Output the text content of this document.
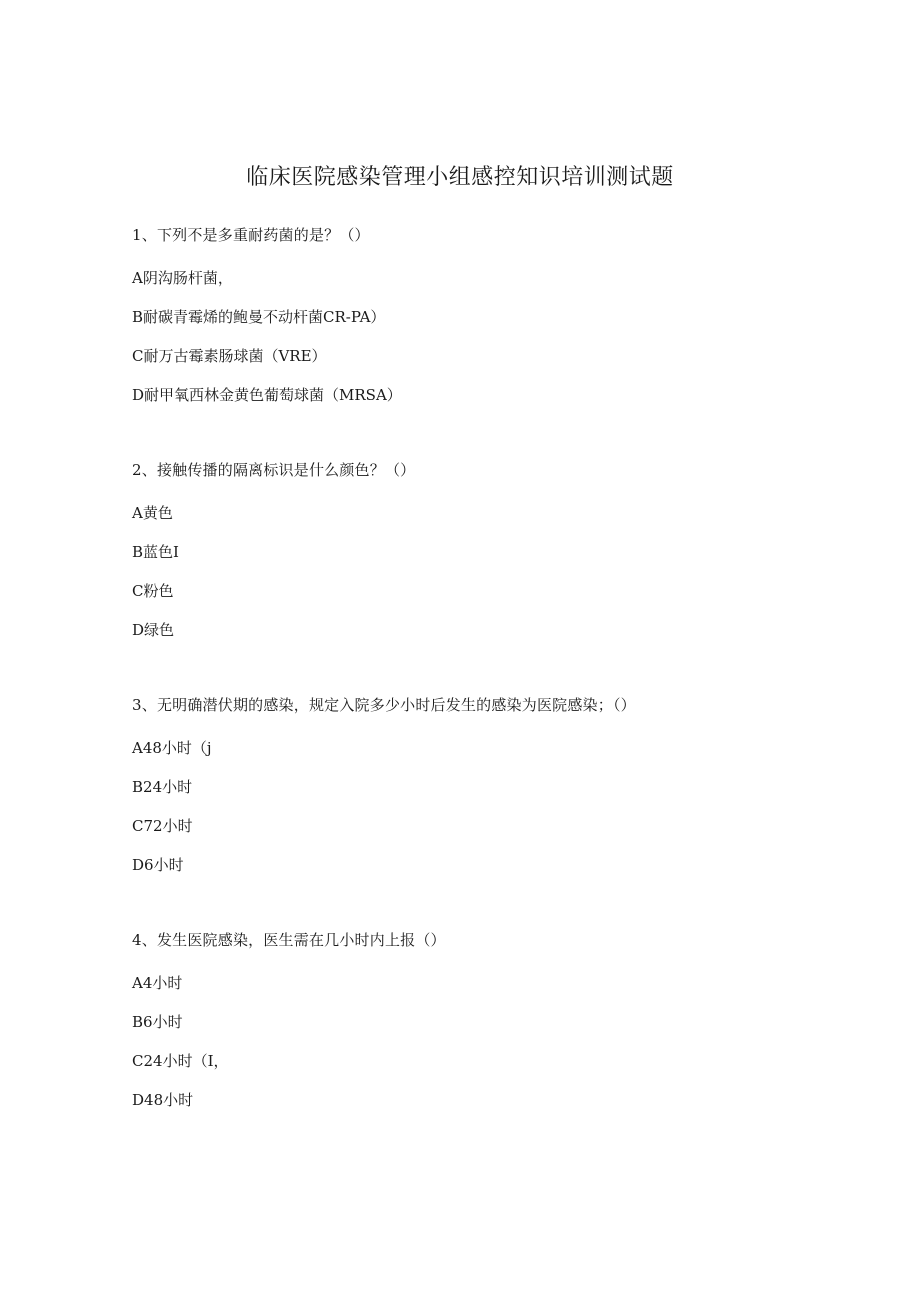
临床医院感染管理小组感控知识培训测试题
1、下列不是多重耐药菌的是？（）
A阴沟肠杆菌，
B耐碳青霉烯的鲍曼不动杆菌CR-PA）
C耐万古霉素肠球菌（VRE）
D耐甲氧西林金黄色葡萄球菌（MRSA）
2、接触传播的隔离标识是什么颜色？（）
A黄色
B蓝色I
C粉色
D绿色
3、无明确潜伏期的感染，规定入院多少小时后发生的感染为医院感染；（）
A48小时（j
B24小时
C72小时
D6小时
4、发生医院感染，医生需在几小时内上报（）
A4小时
B6小时
C24小时（I，
D48小时
